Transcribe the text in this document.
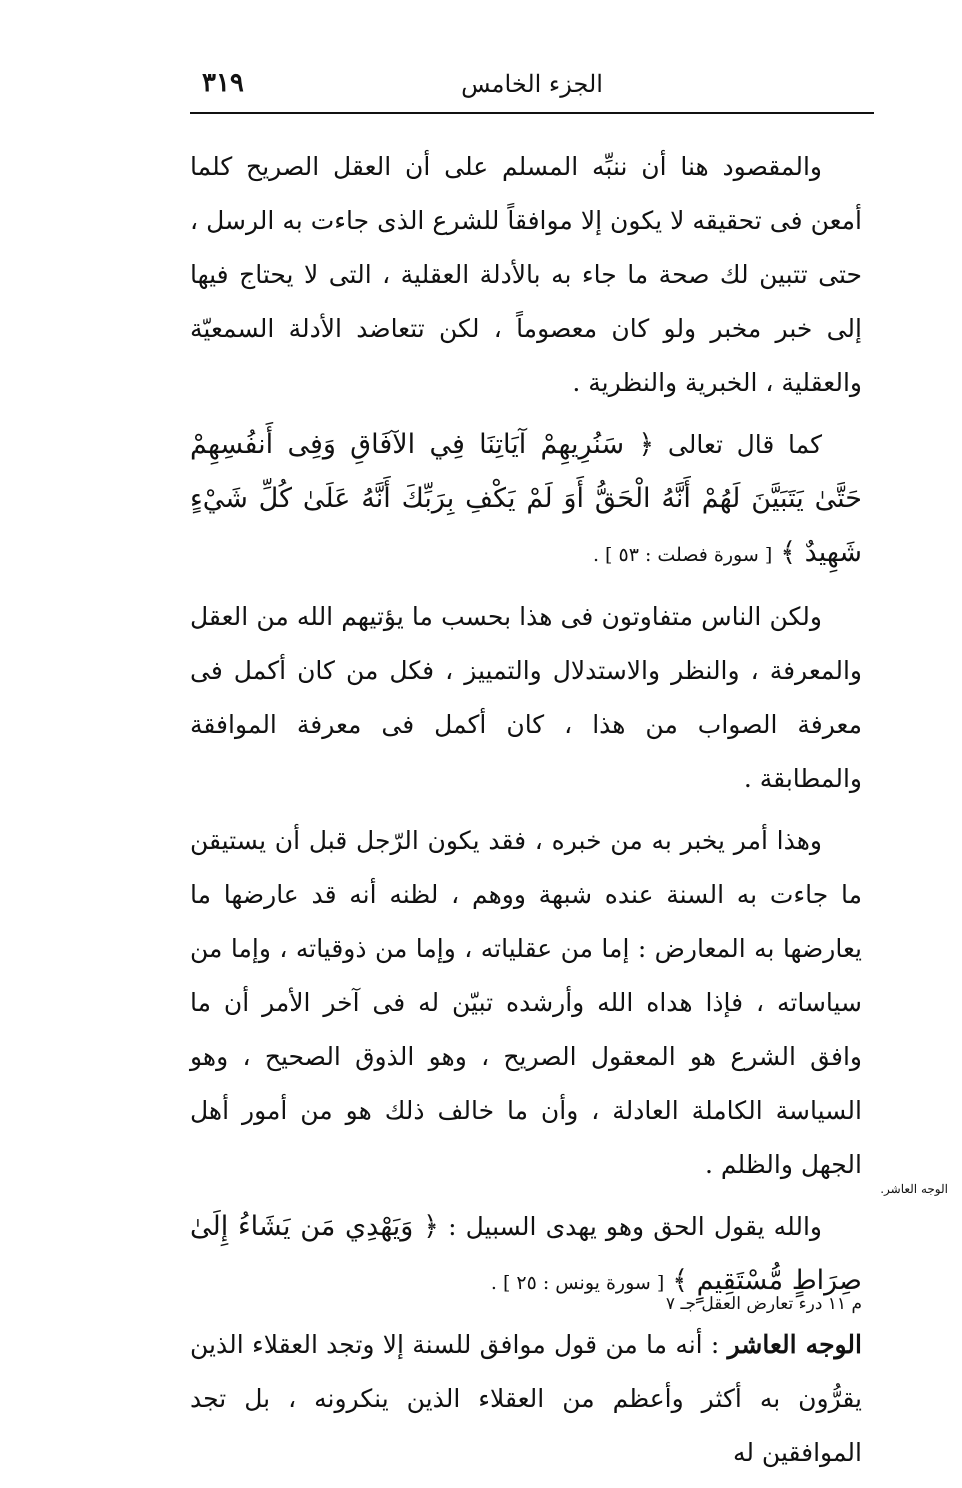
٣١٩	الجزء الخامس

والمقصود هنا أن ننبِّه المسلم على أن العقل الصريح كلما أمعن فى تحقيقه لا يكون إلا موافقاً للشرع الذى جاءت به الرسل ، حتى تتبين لك صحة ما جاء به بالأدلة العقلية ، التى لا يحتاج فيها إلى خبر مخبر ولو كان معصوماً ، لكن تتعاضد الأدلة السمعيّة والعقلية ، الخبرية والنظرية .

كما قال تعالى ﴿ سَنُرِيهِمْ آيَاتِنَا فِي الآفَاقِ وَفِى أَنفُسِهِمْ حَتَّىٰ يَتَبَيَّنَ لَهُمْ أَنَّهُ الْحَقُّ أَوَ لَمْ يَكْفِ بِرَبِّكَ أَنَّهُ عَلَىٰ كُلِّ شَيْءٍ شَهِيدٌ ﴾ [ سورة فصلت : ٥٣ ] .

ولكن الناس متفاوتون فى هذا بحسب ما يؤتيهم الله من العقل والمعرفة ، والنظر والاستدلال والتمييز ، فكل من كان أكمل فى معرفة الصواب من هذا ، كان أكمل فى معرفة الموافقة والمطابقة .

وهذا أمر يخبر به من خبره ، فقد يكون الرّجل قبل أن يستيقن ما جاءت به السنة عنده شبهة ووهم ، لظنه أنه قد عارضها ما يعارضها به المعارض : إما من عقلياته ، وإما من ذوقياته ، وإما من سياساته ، فإذا هداه الله وأرشده تبيّن له فى آخر الأمر أن ما وافق الشرع هو المعقول الصريح ، وهو الذوق الصحيح ، وهو السياسة الكاملة العادلة ، وأن ما خالف ذلك هو من أمور أهل الجهل والظلم .

والله يقول الحق وهو يهدى السبيل : ﴿ وَيَهْدِي مَن يَشَاءُ إِلَىٰ صِرَاطٍ مُّسْتَقِيمٍ ﴾ [ سورة يونس : ٢٥ ] .

الوجه العاشر : أنه ما من قول موافق للسنة إلا وتجد العقلاء الذين يقرُّون به أكثر وأعظم من العقلاء الذين ينكرونه ، بل تجد الموافقين له

الوجه العاشر.
م ١١ درء تعارض العقل جـ ٧
